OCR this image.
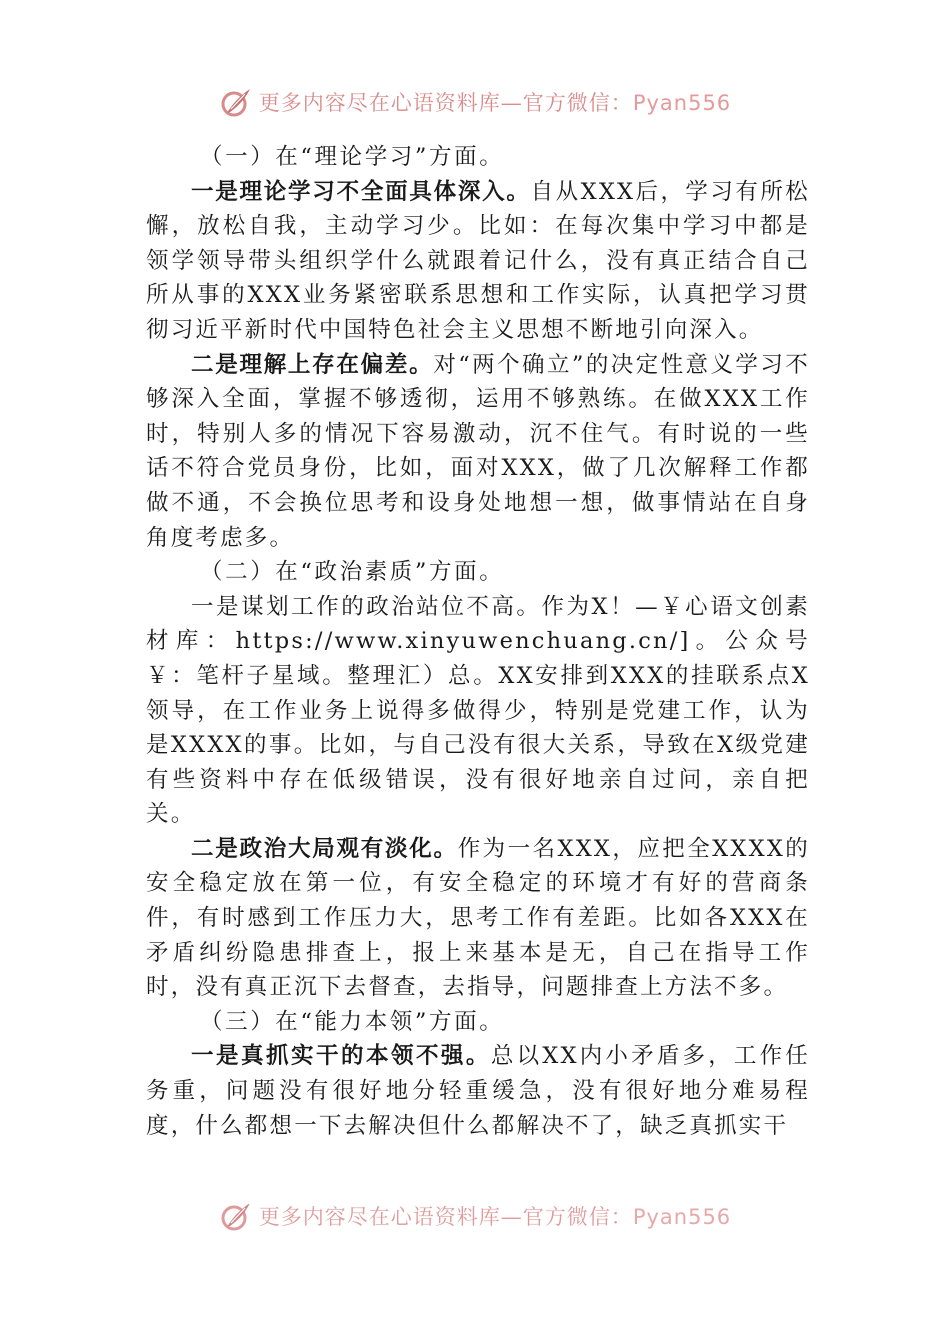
更多内容尽在心语资料库—官方微信：Pyan556

（一）在“理论学习”方面。

一是理论学习不全面具体深入。自从XXX后，学习有所松懈，放松自我，主动学习少。比如：在每次集中学习中都是领学领导带头组织学什么就跟着记什么，没有真正结合自己所从事的XXX业务紧密联系思想和工作实际，认真把学习贯彻习近平新时代中国特色社会主义思想不断地引向深入。

二是理解上存在偏差。对“两个确立”的决定性意义学习不够深入全面，掌握不够透彻，运用不够熟练。在做XXX工作时，特别人多的情况下容易激动，沉不住气。有时说的一些话不符合党员身份，比如，面对XXX，做了几次解释工作都做不通，不会换位思考和设身处地想一想，做事情站在自身角度考虑多。

（二）在“政治素质”方面。

一是谋划工作的政治站位不高。作为X！—￥心语文创素材库：https://www.xinyuwenchuang.cn/]。公众号￥：笔杆子星域。整理汇）总。XX安排到XXX的挂联系点X领导，在工作业务上说得多做得少，特别是党建工作，认为是XXXX的事。比如，与自己没有很大关系，导致在X级党建有些资料中存在低级错误，没有很好地亲自过问，亲自把关。

二是政治大局观有淡化。作为一名XXX，应把全XXXX的安全稳定放在第一位，有安全稳定的环境才有好的营商条件，有时感到工作压力大，思考工作有差距。比如各XXX在矛盾纠纷隐患排查上，报上来基本是无，自己在指导工作时，没有真正沉下去督查，去指导，问题排查上方法不多。

（三）在“能力本领”方面。

一是真抓实干的本领不强。总以XX内小矛盾多，工作任务重，问题没有很好地分轻重缓急，没有很好地分难易程度，什么都想一下去解决但什么都解决不了，缺乏真抓实干

更多内容尽在心语资料库—官方微信：Pyan556
